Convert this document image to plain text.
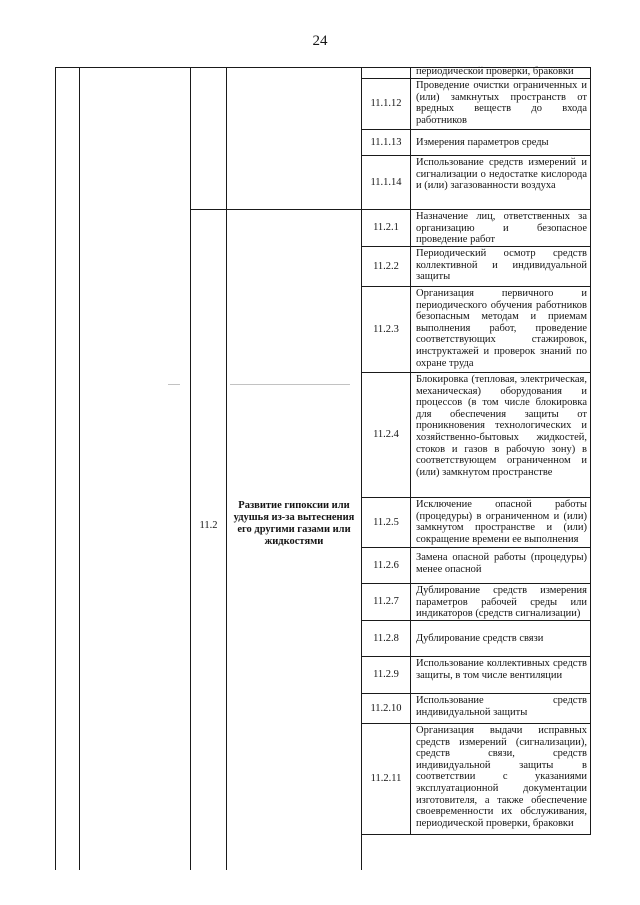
24
периодической проверки, браковки
11.1.12
Проведение очистки ограниченных и (или) замкнутых пространств от вредных веществ до входа работников
11.1.13	Измерения параметров среды
11.1.14
Использование средств измерений и сигнализации о недостатке кислорода и (или) загазованности воздуха
11.2
Развитие гипоксии или удушья из-за вытеснения его другими газами или жидкостями
11.2.1
Назначение лиц, ответственных за организацию и безопасное проведение работ
11.2.2
Периодический осмотр средств коллективной и индивидуальной защиты
11.2.3
Организация первичного и периодического обучения работников безопасным методам и приемам выполнения работ, проведение соответствующих стажировок, инструктажей и проверок знаний по охране труда
11.2.4
Блокировка (тепловая, электрическая, механическая) оборудования и процессов (в том числе блокировка для обеспечения защиты от проникновения технологических и хозяйственно-бытовых жидкостей, стоков и газов в рабочую зону) в соответствующем ограниченном и (или) замкнутом пространстве
11.2.5
Исключение опасной работы (процедуры) в ограниченном и (или) замкнутом пространстве и (или) сокращение времени ее выполнения
11.2.6
Замена опасной работы (процедуры) менее опасной
11.2.7
Дублирование средств измерения параметров рабочей среды или индикаторов (средств сигнализации)
11.2.8	Дублирование средств связи
11.2.9
Использование коллективных средств защиты, в том числе вентиляции
11.2.10
Использование средств индивидуальной защиты
11.2.11
Организация выдачи исправных средств измерений (сигнализации), средств связи, средств индивидуальной защиты в соответствии с указаниями эксплуатационной документации изготовителя, а также обеспечение своевременности их обслуживания, периодической проверки, браковки
